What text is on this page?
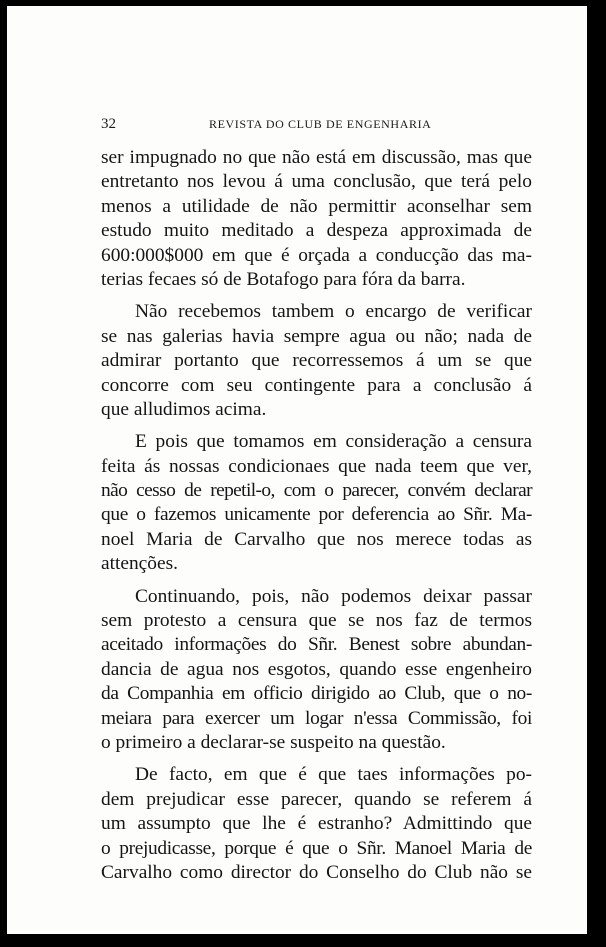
32	REVISTA DO CLUB DE ENGENHARIA
ser impugnado no que não está em discussão, mas que
entretanto nos levou á uma conclusão, que terá pelo
menos a utilidade de não permittir aconselhar sem
estudo muito meditado a despeza approximada de
600:000$000 em que é orçada a conducção das ma-
terias fecaes só de Botafogo para fóra da barra.
Não recebemos tambem o encargo de verificar
se nas galerias havia sempre agua ou não; nada de
admirar portanto que recorressemos á um se que
concorre com seu contingente para a conclusão á
que alludimos acima.
E pois que tomamos em consideração a censura
feita ás nossas condicionaes que nada teem que ver,
não cesso de repetil-o, com o parecer, convém declarar
que o fazemos unicamente por deferencia ao Sñr. Ma-
noel Maria de Carvalho que nos merece todas as
attenções.
Continuando, pois, não podemos deixar passar
sem protesto a censura que se nos faz de termos
aceitado informações do Sñr. Benest sobre abundan-
dancia de agua nos esgotos, quando esse engenheiro
da Companhia em officio dirigido ao Club, que o no-
meiara para exercer um logar n'essa Commissão, foi
o primeiro a declarar-se suspeito na questão.
De facto, em que é que taes informações po-
dem prejudicar esse parecer, quando se referem á
um assumpto que lhe é estranho? Admittindo que
o prejudicasse, porque é que o Sñr. Manoel Maria de
Carvalho como director do Conselho do Club não se
